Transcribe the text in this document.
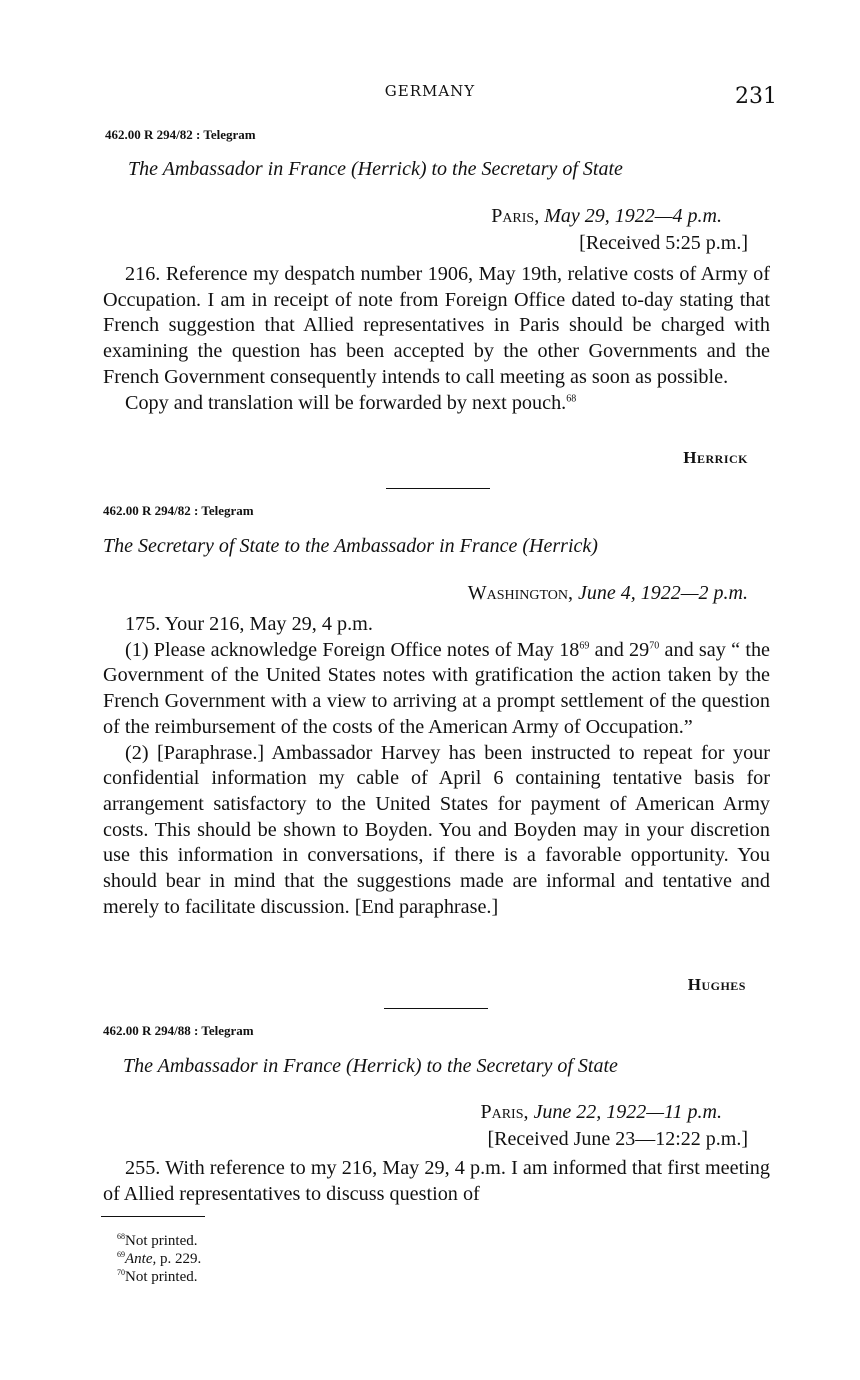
GERMANY	231
462.00 R 294/82 : Telegram
The Ambassador in France (Herrick) to the Secretary of State
Paris, May 29, 1922—4 p.m.
[Received 5:25 p.m.]

216. Reference my despatch number 1906, May 19th, relative costs of Army of Occupation. I am in receipt of note from Foreign Office dated to-day stating that French suggestion that Allied representatives in Paris should be charged with examining the question has been accepted by the other Governments and the French Government consequently intends to call meeting as soon as possible.

Copy and translation will be forwarded by next pouch.$^{68}$

Herrick
462.00 R 294/82 : Telegram
The Secretary of State to the Ambassador in France (Herrick)
Washington, June 4, 1922—2 p.m.

175. Your 216, May 29, 4 p.m.

(1) Please acknowledge Foreign Office notes of May $18^{69}$ and $29^{70}$ and say “ the Government of the United States notes with gratification the action taken by the French Government with a view to arriving at a prompt settlement of the question of the reimbursement of the costs of the American Army of Occupation.”

(2) [Paraphrase.] Ambassador Harvey has been instructed to repeat for your confidential information my cable of April 6 containing tentative basis for arrangement satisfactory to the United States for payment of American Army costs. This should be shown to Boyden. You and Boyden may in your discretion use this information in conversations, if there is a favorable opportunity. You should bear in mind that the suggestions made are informal and tentative and merely to facilitate discussion. [End paraphrase.]

Hughes
462.00 R 294/88 : Telegram
The Ambassador in France (Herrick) to the Secretary of State
Paris, June 22, 1922—11 p.m.
[Received June 23—12:22 p.m.]

255. With reference to my 216, May 29, 4 p.m. I am informed that first meeting of Allied representatives to discuss question of

$^{68}$Not printed.
$^{69}$Ante, p. 229.
$^{70}$Not printed.
